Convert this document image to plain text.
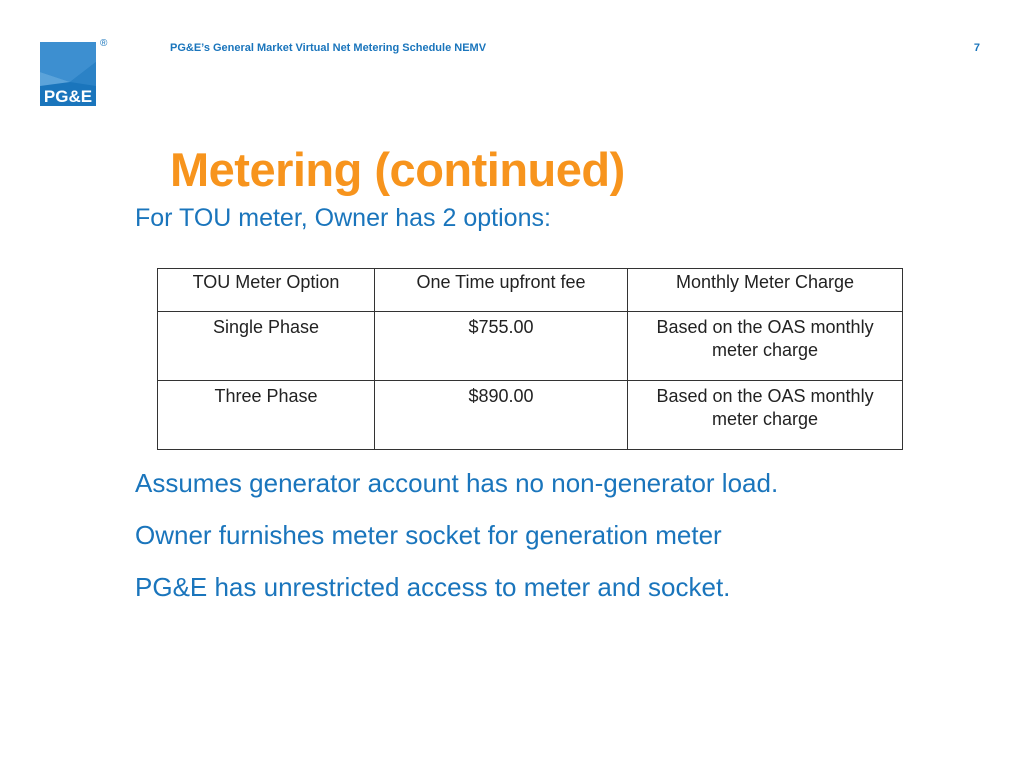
PG&E
®	PG&E’s General Market Virtual Net Metering Schedule NEMV	7
Metering (continued)
For TOU meter, Owner has 2 options:
TOU Meter Option	One Time upfront fee	Monthly Meter Charge
Single Phase	$755.00	Based on the OAS monthly meter charge
Three Phase	$890.00	Based on the OAS monthly meter charge
Assumes generator account has no non-generator load.
Owner furnishes meter socket for generation meter
PG&E has unrestricted access to meter and socket.
